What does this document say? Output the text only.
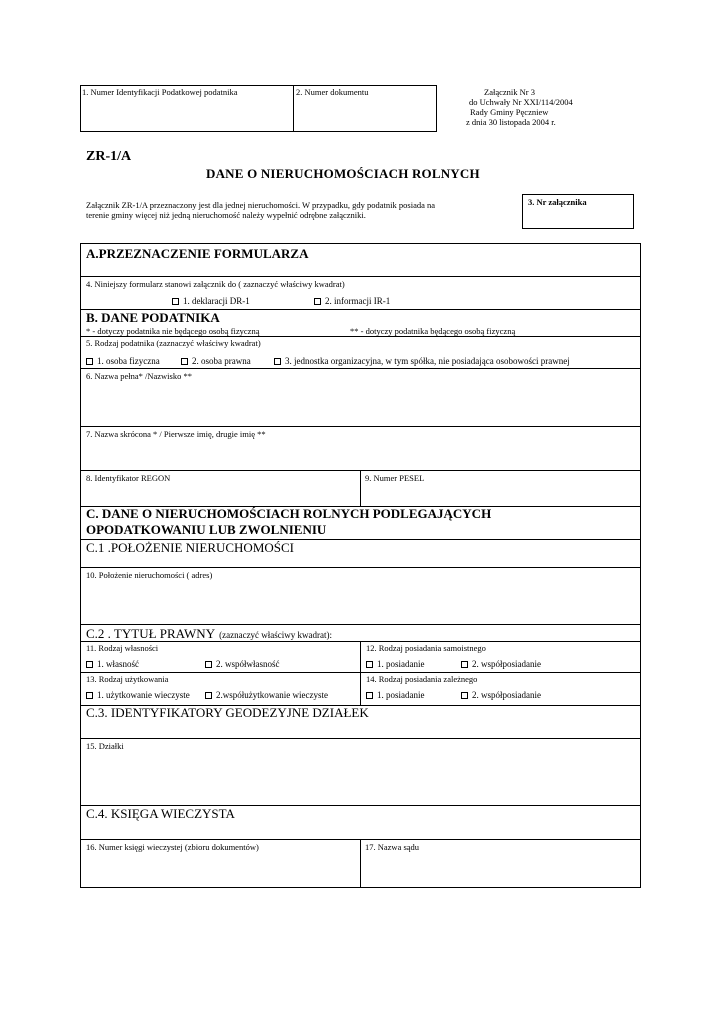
1. Numer Identyfikacji Podatkowej podatnika	2. Numer dokumentu	Załącznik Nr 3
do Uchwały Nr XXI/114/2004
Rady Gminy Pęczniew
z dnia 30 listopada 2004 r.
ZR-1/A
DANE O NIERUCHOMOŚCIACH ROLNYCH
Załącznik ZR-1/A przeznaczony jest dla jednej nieruchomości. W przypadku, gdy podatnik posiada na
terenie gminy więcej niż jedną nieruchomość należy wypełnić odrębne załączniki.
3. Nr załącznika
A.PRZEZNACZENIE FORMULARZA
4. Niniejszy formularz stanowi załącznik do ( zaznaczyć właściwy kwadrat)
1. deklaracji DR-1	2. informacji IR-1
B. DANE PODATNIKA
* - dotyczy podatnika nie będącego osobą fizyczną	** - dotyczy podatnika będącego osobą fizyczną
5. Rodzaj podatnika (zaznaczyć właściwy kwadrat)
1. osoba fizyczna	2. osoba prawna	3. jednostka organizacyjna, w tym spółka, nie posiadająca osobowości prawnej
6. Nazwa pełna* /Nazwisko **
7. Nazwa skrócona * / Pierwsze imię, drugie imię **
8. Identyfikator REGON	9. Numer PESEL
C. DANE O NIERUCHOMOŚCIACH ROLNYCH PODLEGAJĄCYCH
OPODATKOWANIU LUB ZWOLNIENIU
C.1 .POŁOŻENIE NIERUCHOMOŚCI
10. Położenie nieruchomości ( adres)
C.2 . TYTUŁ PRAWNY (zaznaczyć właściwy kwadrat):
11. Rodzaj własności
1. własność	2. współwłasność
12. Rodzaj posiadania samoistnego
1. posiadanie	2. współposiadanie
13. Rodzaj użytkowania
1. użytkowanie wieczyste	2.współużytkowanie wieczyste
14. Rodzaj posiadania zależnego
1. posiadanie	2. współposiadanie
C.3. IDENTYFIKATORY GEODEZYJNE DZIAŁEK
15. Działki
C.4. KSIĘGA WIECZYSTA
16. Numer księgi wieczystej (zbioru dokumentów)	17. Nazwa sądu
